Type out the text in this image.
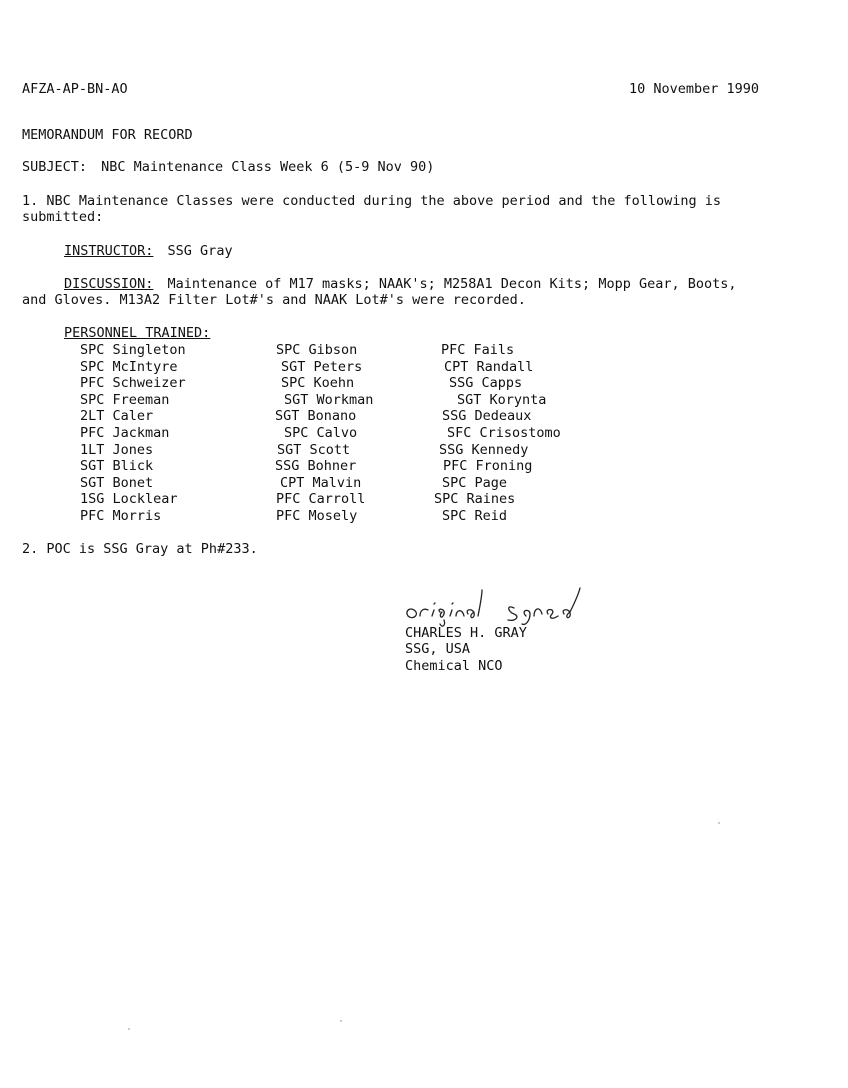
AFZA-AP-BN-AO	10 November 1990
MEMORANDUM FOR RECORD
SUBJECT: NBC Maintenance Class Week 6 (5-9 Nov 90)
1. NBC Maintenance Classes were conducted during the above period and the following is
submitted:
INSTRUCTOR: SSG Gray
DISCUSSION: Maintenance of M17 masks; NAAK's; M258A1 Decon Kits; Mopp Gear, Boots,
and Gloves. M13A2 Filter Lot#'s and NAAK Lot#'s were recorded.
PERSONNEL TRAINED:
SPC Singleton
SPC McIntyre
PFC Schweizer
SPC Freeman
2LT Caler
PFC Jackman
1LT Jones
SGT Blick
SGT Bonet
1SG Locklear
PFC Morris
SPC Gibson
SGT Peters
SPC Koehn
SGT Workman
SGT Bonano
SPC Calvo
SGT Scott
SSG Bohner
CPT Malvin
PFC Carroll
PFC Mosely
PFC Fails
CPT Randall
SSG Capps
SGT Korynta
SSG Dedeaux
SFC Crisostomo
SSG Kennedy
PFC Froning
SPC Page
SPC Raines
SPC Reid
2. POC is SSG Gray at Ph#233.
CHARLES H. GRAY
SSG, USA
Chemical NCO
